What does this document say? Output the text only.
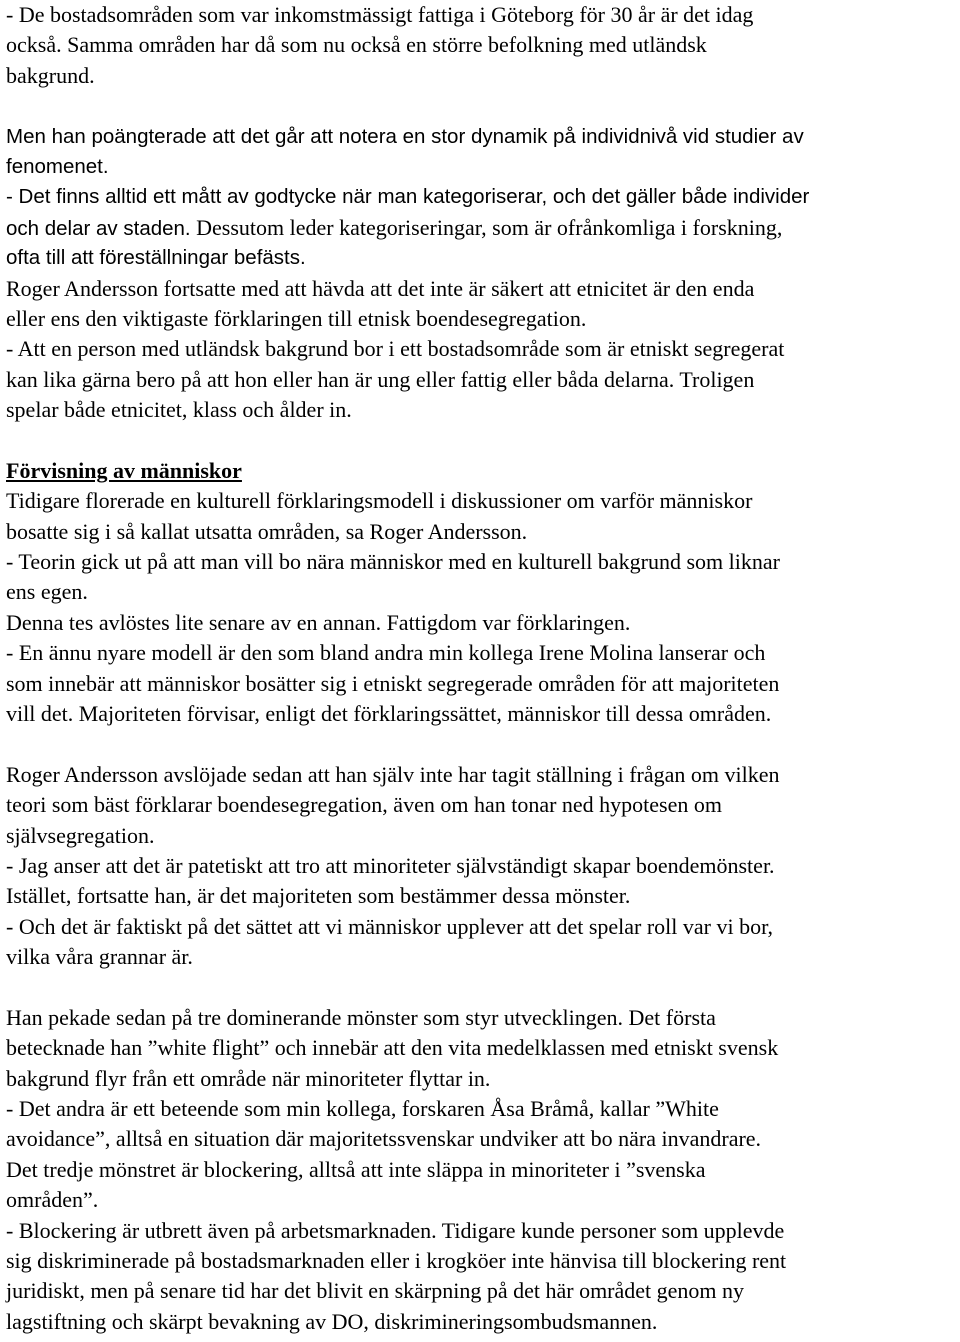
- De bostadsområden som var inkomstmässigt fattiga i Göteborg för 30 år är det idag
också. Samma områden har då som nu också en större befolkning med utländsk
bakgrund.
Men han poängterade att det går att notera en stor dynamik på individnivå vid studier av
fenomenet.
- Det finns alltid ett mått av godtycke när man kategoriserar, och det gäller både individer
och delar av staden. Dessutom leder kategoriseringar, som är ofrånkomliga i forskning,
ofta till att föreställningar befästs.
Roger Andersson fortsatte med att hävda att det inte är säkert att etnicitet är den enda
eller ens den viktigaste förklaringen till etnisk boendesegregation.
- Att en person med utländsk bakgrund bor i ett bostadsområde som är etniskt segregerat
kan lika gärna bero på att hon eller han är ung eller fattig eller båda delarna. Troligen
spelar både etnicitet, klass och ålder in.
Förvisning av människor
Tidigare florerade en kulturell förklaringsmodell i diskussioner om varför människor
bosatte sig i så kallat utsatta områden, sa Roger Andersson.
- Teorin gick ut på att man vill bo nära människor med en kulturell bakgrund som liknar
ens egen.
Denna tes avlöstes lite senare av en annan. Fattigdom var förklaringen.
- En ännu nyare modell är den som bland andra min kollega Irene Molina lanserar och
som innebär att människor bosätter sig i etniskt segregerade områden för att majoriteten
vill det. Majoriteten förvisar, enligt det förklaringssättet, människor till dessa områden.
Roger Andersson avslöjade sedan att han själv inte har tagit ställning i frågan om vilken
teori som bäst förklarar boendesegregation, även om han tonar ned hypotesen om
självsegregation.
- Jag anser att det är patetiskt att tro att minoriteter självständigt skapar boendemönster.
Istället, fortsatte han, är det majoriteten som bestämmer dessa mönster.
- Och det är faktiskt på det sättet att vi människor upplever att det spelar roll var vi bor,
vilka våra grannar är.
Han pekade sedan på tre dominerande mönster som styr utvecklingen. Det första
betecknade han ”white flight” och innebär att den vita medelklassen med etniskt svensk
bakgrund flyr från ett område när minoriteter flyttar in.
- Det andra är ett beteende som min kollega, forskaren Åsa Bråmå, kallar ”White
avoidance”, alltså en situation där majoritetssvenskar undviker att bo nära invandrare.
Det tredje mönstret är blockering, alltså att inte släppa in minoriteter i ”svenska
områden”.
- Blockering är utbrett även på arbetsmarknaden. Tidigare kunde personer som upplevde
sig diskriminerade på bostadsmarknaden eller i krogköer inte hänvisa till blockering rent
juridiskt, men på senare tid har det blivit en skärpning på det här området genom ny
lagstiftning och skärpt bevakning av DO, diskrimineringsombudsmannen.
